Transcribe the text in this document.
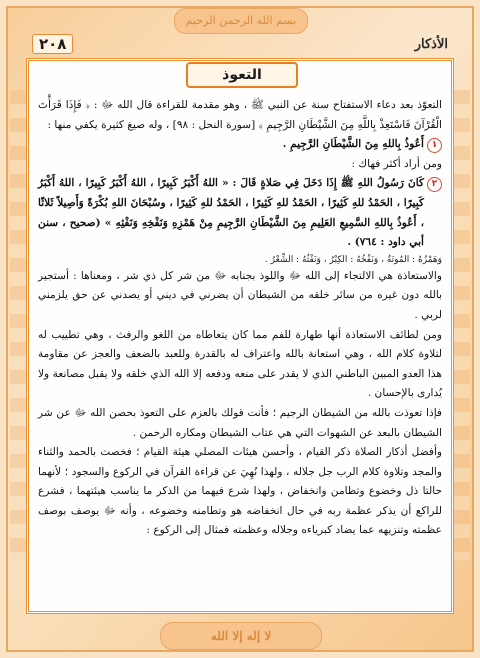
بسم الله الرحمن الرحيم
٢٠٨	الأذكار
التعوذ

التعوّذ بعد دعاء الاستفتاح سنة عن النبي ﷺ ، وهو مقدمة للقراءة قال الله ﷻ : ﴿ فَإِذَا قَرَأْتَ الْقُرْآنَ فَاسْتَعِذْ بِاللَّهِ مِنَ الشَّيْطَانِ الرَّجِيمِ ﴾ [سورة النحل : ٩٨] ، وله صيغ كثيرة يكفي منها :

١
أَعُوذُ بِاللهِ مِنَ الشَّيْطَانِ الرَّجِيمِ .

ومن أراد أكثر فهاك :

٢
كَانَ رَسُولُ اللهِ ﷺ إِذَا دَخَلَ فِي صَلاةٍ قَالَ : « اللهُ أَكْبَرُ كَبِيرًا ، اللهُ أَكْبَرُ كَبِيرًا ، اللهُ أَكْبَرُ كَبِيرًا ، الحَمْدُ للهِ كَثِيرًا ، الحَمْدُ للهِ كَثِيرًا ، الحَمْدُ للهِ كَثِيرًا ، وسُبْحَانَ اللهِ بُكْرَةً وَأَصِيلاً ثَلاثًا ، أَعُوذُ بِاللهِ السَّمِيعِ العَلِيمِ مِنَ الشَّيْطَانِ الرَّجِيمِ مِنْ هَمْزِهِ وَنَفْخِهِ وَنَفْثِهِ » (صحيح ، سنن أبي داود : ٧٦٤) .

وَهَمْزُهُ : المُوتَةُ ، وَنَفْخُهُ : الكِبْرُ ، وَنَفْثُهُ : الشِّعْرُ .

والاستعاذة هي الالتجاء إلى الله ﷻ واللوذ بجنابه ﷻ من شر كل ذي شر ، ومعناها : أستجير بالله دون غيره من سائر خلقه من الشيطان أن يضرني في ديني أو يصدني عن حق يلزمني لربي .

ومن لطائف الاستعاذة أنها طهارة للفم مما كان يتعاطاه من اللغو والرفث ، وهي تطييب له لتلاوة كلام الله ، وهي استعانة بالله واعتراف له بالقدرة وللعبد بالضعف والعجز عن مقاومة هذا العدو المبين الباطني الذي لا يقدر على منعه ودفعه إلا الله الذي خلقه ولا يقبل مصانعة ولا يُدارى بالإحسان .

فإذا تعوذت بالله من الشيطان الرجيم ؛ فأنت قولك بالعزم على التعوذ بحصن الله ﷻ عن شر الشيطان بالبعد عن الشهوات التي هي عتاب الشيطان ومكاره الرحمن .

وأفضل أذكار الصلاة ذكر القيام ، وأحسن هيئات المصلي هيئة القيام ؛ فخصت بالحمد والثناء والمجد وتلاوة كلام الرب جل جلاله ، ولهذا نُهِيَ عن قراءة القرآن في الركوع والسجود ؛ لأنهما حالتا ذل وخضوع وتطامن وانخفاض ، ولهذا شرع فيهما من الذكر ما يناسب هيئتهما ، فشرع للراكع أن يذكر عظمة ربه في حال انخفاضه هو وتطامنه وخضوعه ، وأنه ﷻ يوصف بوصف عظمته وتنزيهه عما يضاد كبرياءه وجلاله وعظمته فمثال إلى الركوع :

لا إله إلا الله
